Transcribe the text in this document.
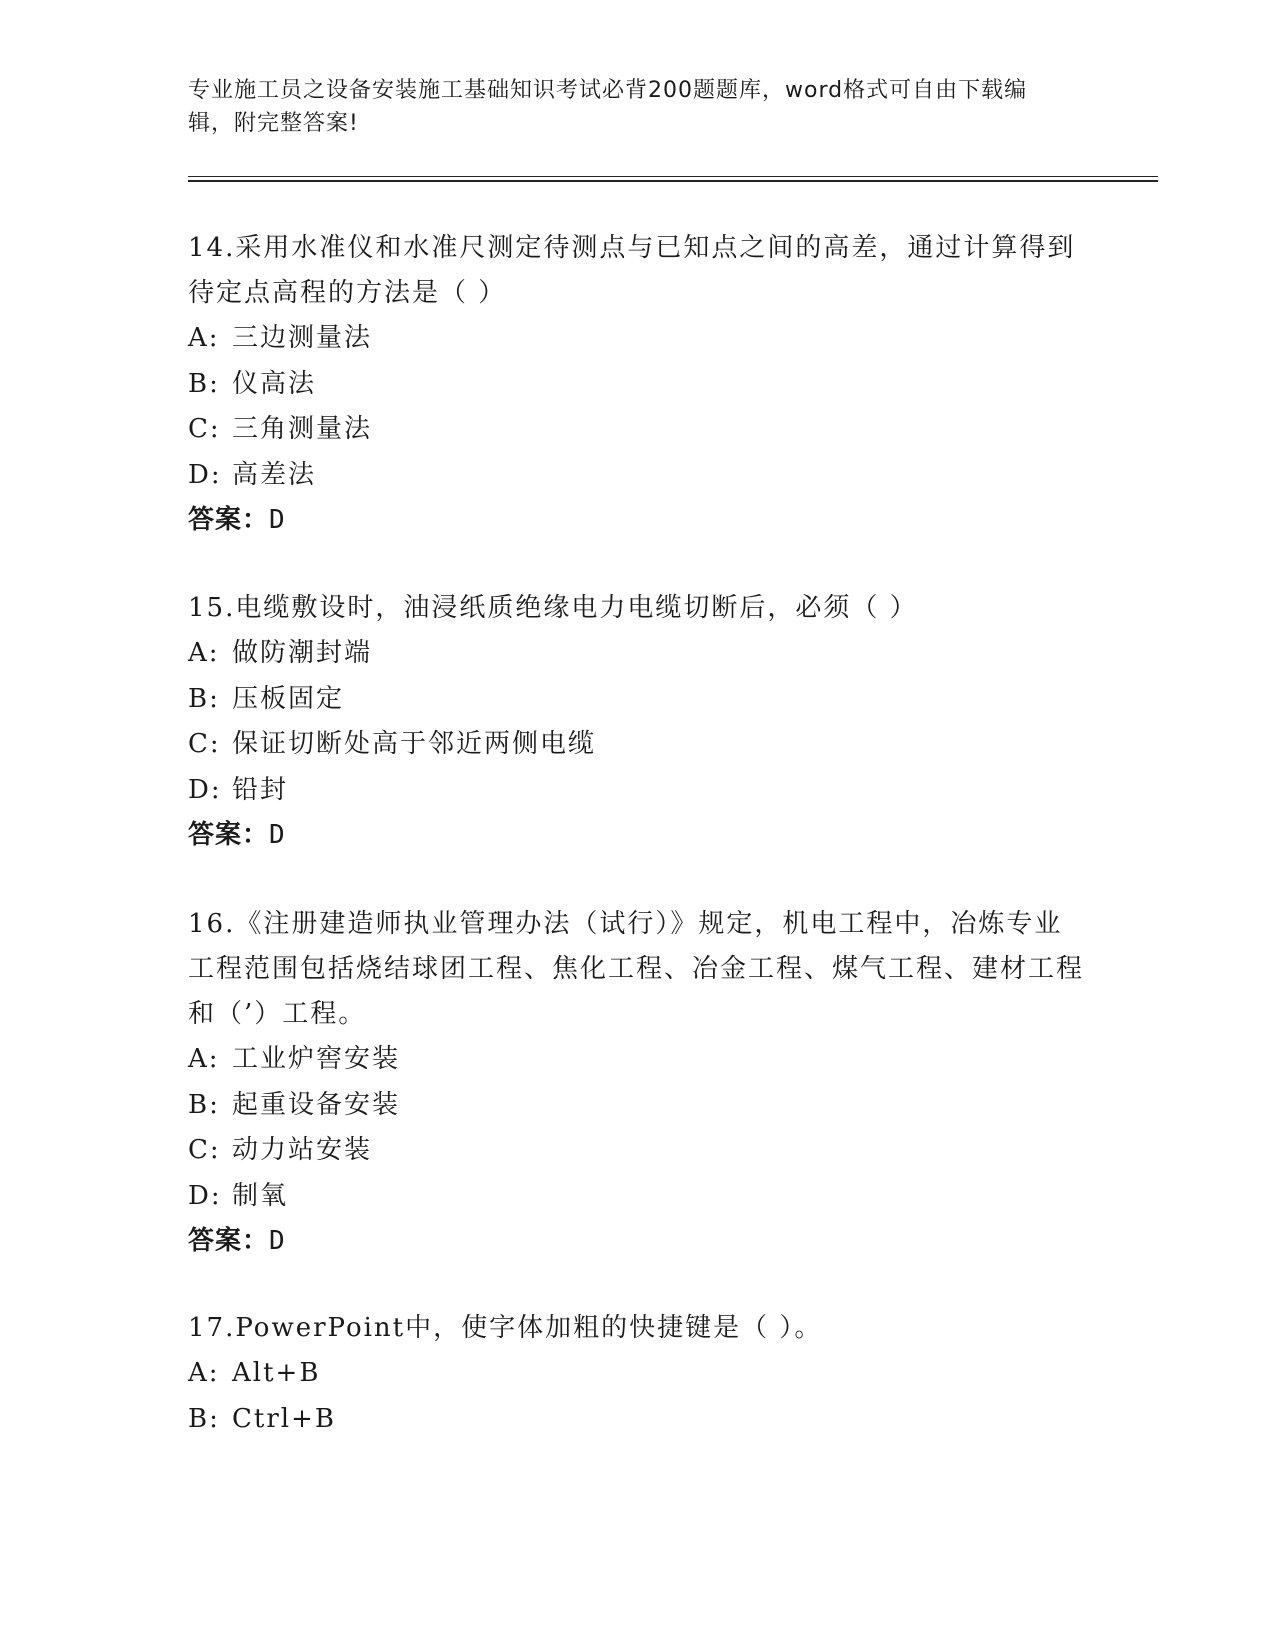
专业施工员之设备安装施工基础知识考试必背200题题库，word格式可自由下载编辑，附完整答案!

14.采用水准仪和水准尺测定待测点与已知点之间的高差，通过计算得到待定点高程的方法是（ ）

A: 三边测量法
B: 仪高法
C: 三角测量法
D: 高差法
答案：D

15.电缆敷设时，油浸纸质绝缘电力电缆切断后，必须（ ）

A: 做防潮封端
B: 压板固定
C: 保证切断处高于邻近两侧电缆
D: 铅封
答案：D

16.《注册建造师执业管理办法（试行）》规定，机电工程中，冶炼专业工程范围包括烧结球团工程、焦化工程、冶金工程、煤气工程、建材工程和（’）工程。

A: 工业炉窖安装
B: 起重设备安装
C: 动力站安装
D: 制氧
答案：D

17.PowerPoint中，使字体加粗的快捷键是（ ）。

A: Alt+B
B: Ctrl+B
